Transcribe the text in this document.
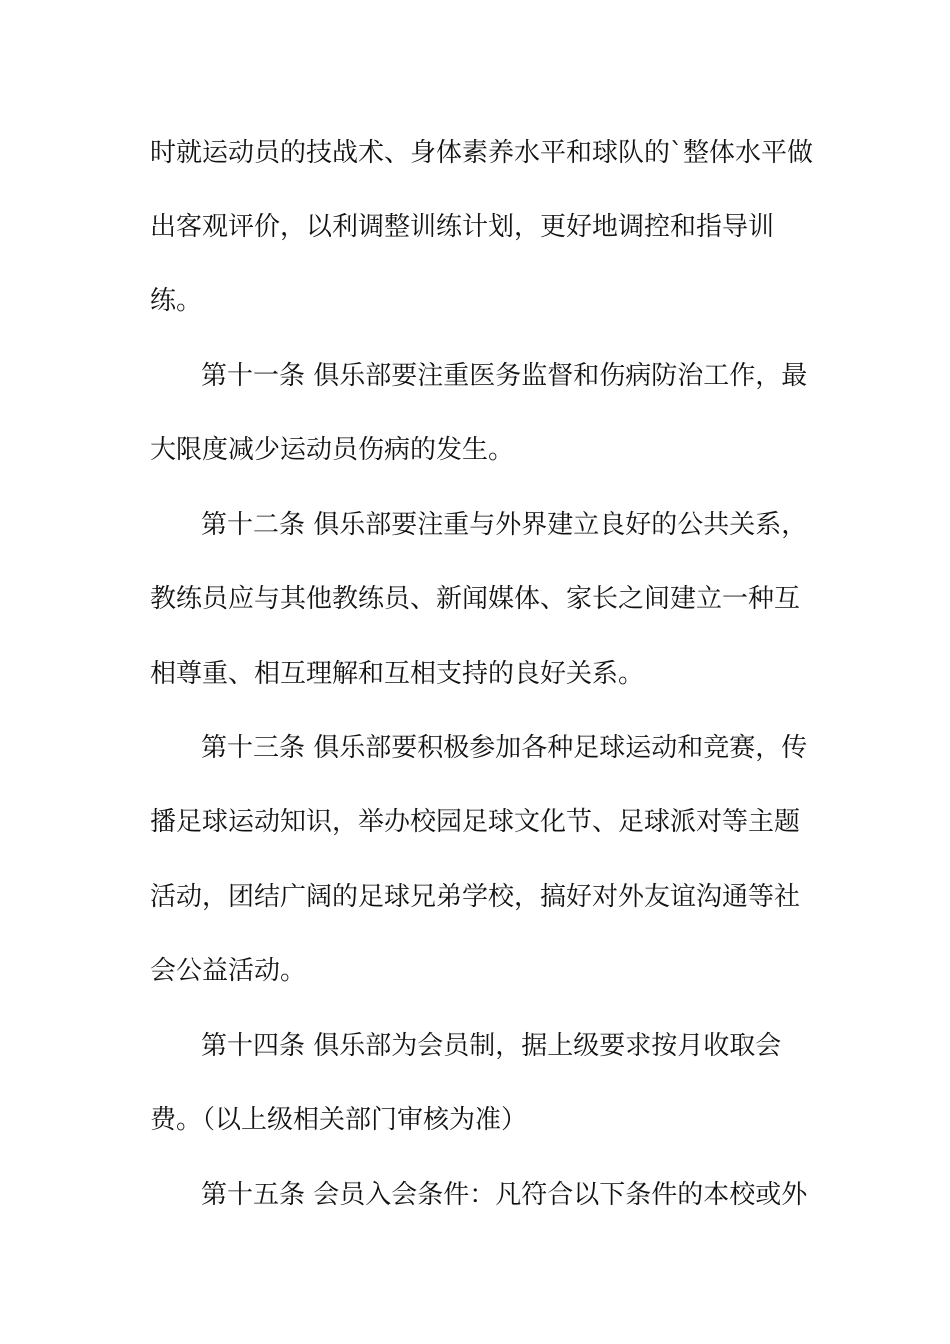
时就运动员的技战术、身体素养水平和球队的`整体水平做

出客观评价，以利调整训练计划，更好地调控和指导训

练。

第十一条 俱乐部要注重医务监督和伤病防治工作，最

大限度减少运动员伤病的发生。

第十二条 俱乐部要注重与外界建立良好的公共关系，

教练员应与其他教练员、新闻媒体、家长之间建立一种互

相尊重、相互理解和互相支持的良好关系。

第十三条 俱乐部要积极参加各种足球运动和竞赛，传

播足球运动知识，举办校园足球文化节、足球派对等主题

活动，团结广阔的足球兄弟学校，搞好对外友谊沟通等社

会公益活动。

第十四条 俱乐部为会员制，据上级要求按月收取会

费。（以上级相关部门审核为准）

第十五条 会员入会条件：凡符合以下条件的本校或外
